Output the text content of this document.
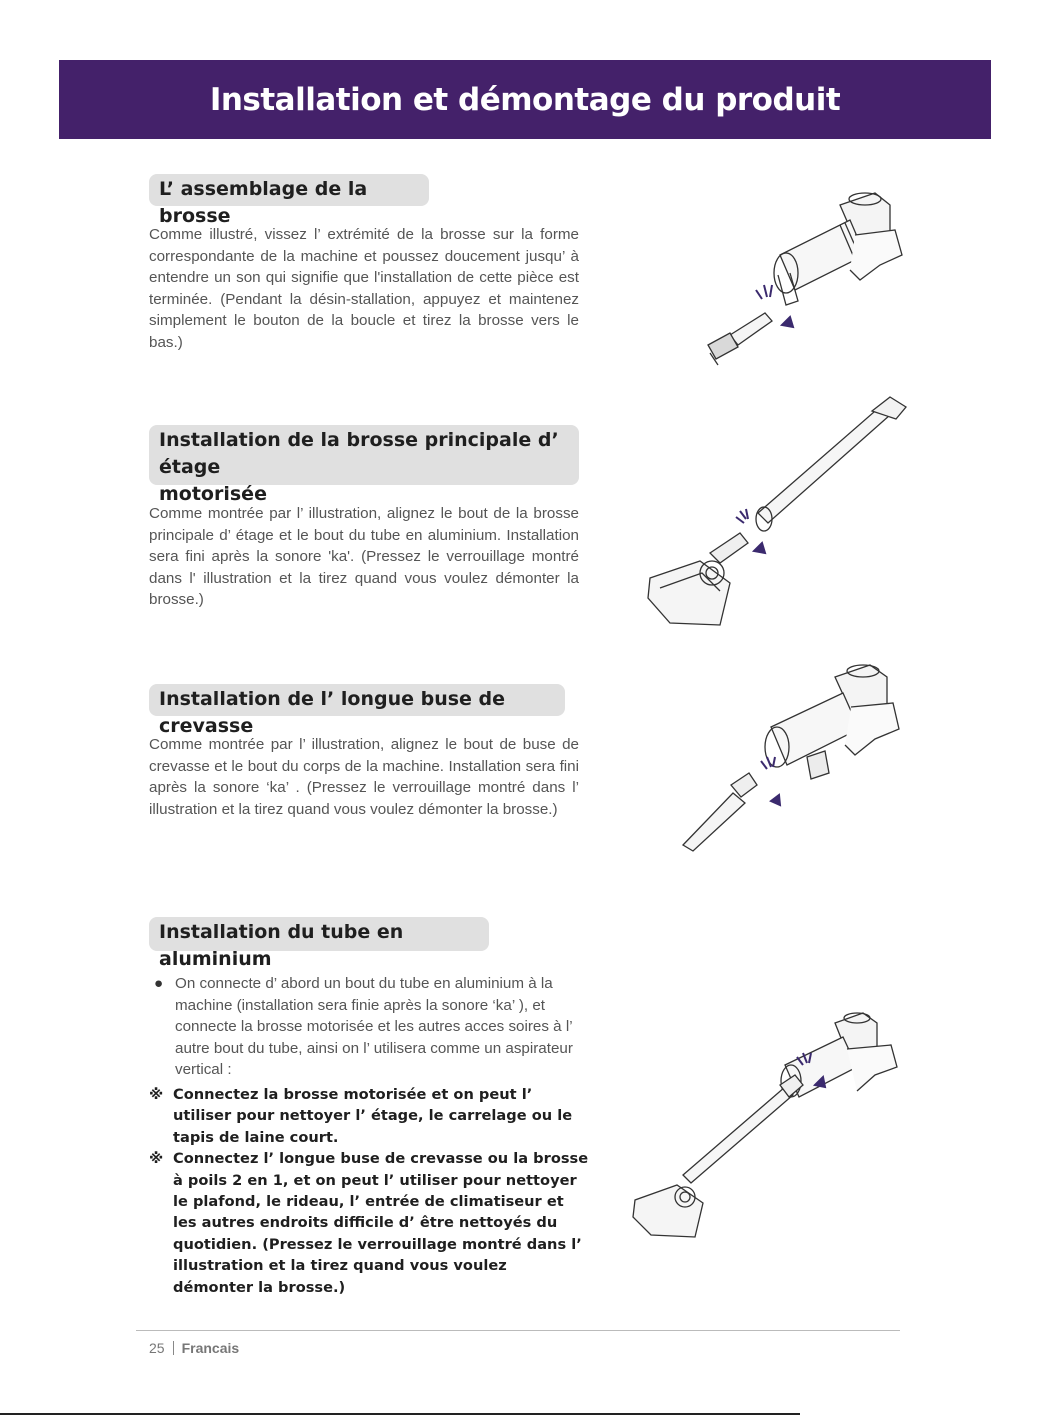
Installation et démontage du produit
L’ assemblage de la brosse

Comme illustré, vissez l’ extrémité de la brosse sur la forme correspondante de la machine et poussez doucement jusqu’ à entendre un son qui signifie que l'installation de cette pièce est terminée. (Pendant la désin-stallation, appuyez et maintenez simplement le bouton de la boucle et tirez la brosse vers le bas.)

Installation de la brosse principale d’ étage
motorisée

Comme montrée par l’ illustration, alignez le bout de la brosse principale d’ étage et le bout du tube en aluminium. Installation sera fini après la sonore 'ka'. (Pressez le verrouillage montré dans l' illustration et la tirez quand vous voulez démonter la brosse.)

Installation de l’ longue buse de crevasse

Comme montrée par l’ illustration, alignez le bout de buse de crevasse et le bout du corps de la machine. Installation sera fini après la sonore ‘ka’ . (Pressez le verrouillage montré dans l’ illustration et la tirez quand vous voulez démonter la brosse.)

Installation du tube en aluminium
● On connecte d’ abord un bout du tube en aluminium à la machine (installation sera finie après la sonore ‘ka’ ), et connecte la brosse motorisée et les autres acces soires à l’ autre bout du tube, ainsi on l’ utilisera comme un aspirateur vertical :
※ Connectez la brosse motorisée et on peut l’ utiliser pour nettoyer l’ étage, le carrelage ou le tapis de laine court.
※ Connectez l’ longue buse de crevasse ou la brosse à poils 2 en 1, et on peut l’ utiliser pour nettoyer le plafond, le rideau, l’ entrée de climatiseur et les autres endroits difficile d’ être nettoyés du quotidien. (Pressez le verrouillage montré dans l’ illustration et la tirez quand vous voulez démonter la brosse.)
25 Francais
